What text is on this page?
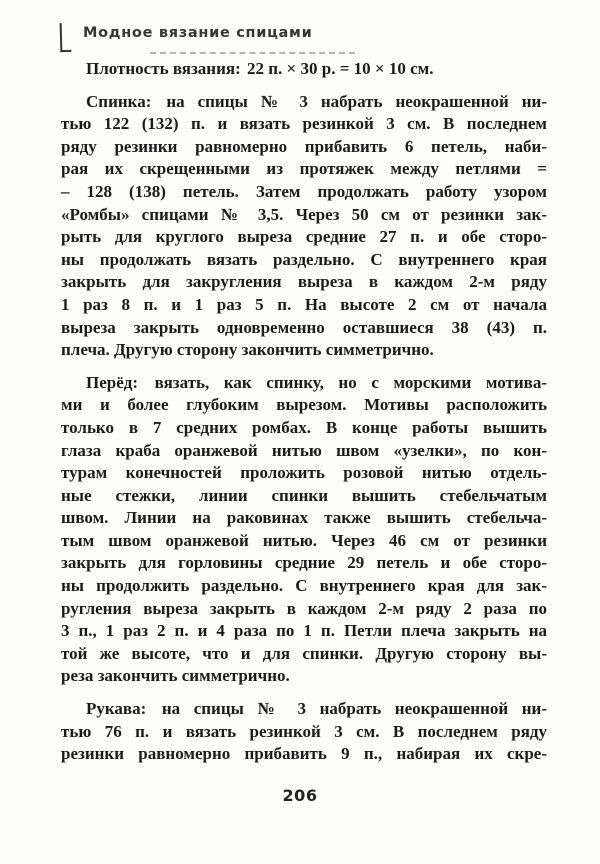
Модное вязание спицами
Плотность вязания: 22 п. × 30 р. = 10 × 10 см.
Спинка: на спицы № 3 набрать неокрашенной ни-
тью 122 (132) п. и вязать резинкой 3 см. В последнем
ряду резинки равномерно прибавить 6 петель, наби-
рая их скрещенными из протяжек между петлями =
– 128 (138) петель. Затем продолжать работу узором
«Ромбы» спицами № 3,5. Через 50 см от резинки зак-
рыть для круглого выреза средние 27 п. и обе сторо-
ны продолжать вязать раздельно. С внутреннего края
закрыть для закругления выреза в каждом 2-м ряду
1 раз 8 п. и 1 раз 5 п. На высоте 2 см от начала
выреза закрыть одновременно оставшиеся 38 (43) п.
плеча. Другую сторону закончить симметрично.
Перёд: вязать, как спинку, но с морскими мотива-
ми и более глубоким вырезом. Мотивы расположить
только в 7 средних ромбах. В конце работы вышить
глаза краба оранжевой нитью швом «узелки», по кон-
турам конечностей проложить розовой нитью отдель-
ные стежки, линии спинки вышить стебельчатым
швом. Линии на раковинах также вышить стебельча-
тым швом оранжевой нитью. Через 46 см от резинки
закрыть для горловины средние 29 петель и обе сторо-
ны продолжить раздельно. С внутреннего края для зак-
ругления выреза закрыть в каждом 2-м ряду 2 раза по
3 п., 1 раз 2 п. и 4 раза по 1 п. Петли плеча закрыть на
той же высоте, что и для спинки. Другую сторону вы-
реза закончить симметрично.
Рукава: на спицы № 3 набрать неокрашенной ни-
тью 76 п. и вязать резинкой 3 см. В последнем ряду
резинки равномерно прибавить 9 п., набирая их скре-
206
